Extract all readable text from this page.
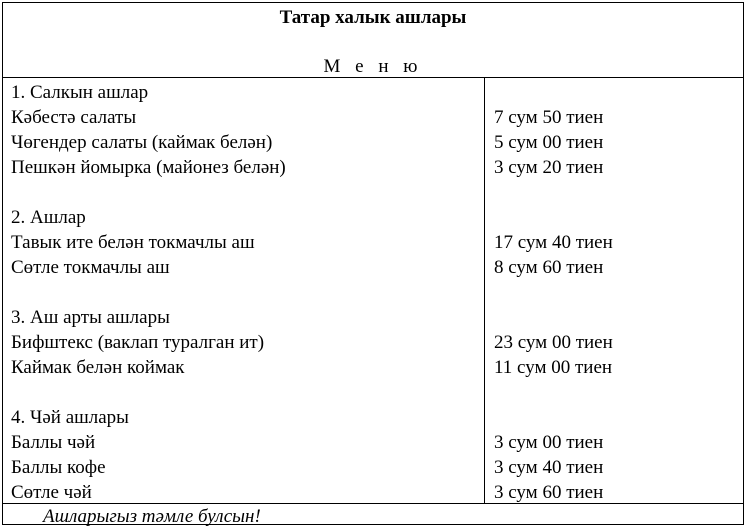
Татар халык ашлары
М е н ю
1. Салкын ашлар
Кәбестә салаты
Чөгендер салаты (каймак белән)
Пешкән йомырка (майонез белән)
2. Ашлар
Тавык ите белән токмачлы аш
Сөтле токмачлы аш
3. Аш арты ашлары
Бифштекс (ваклап туралган ит)
Каймак белән коймак
4. Чәй ашлары
Баллы чәй
Баллы кофе
Сөтле чәй
7 сум 50 тиен
5 сум 00 тиен
3 сум 20 тиен
17 сум 40 тиен
8 сум 60 тиен
23 сум 00 тиен
11 сум 00 тиен
3 сум 00 тиен
3 сум 40 тиен
3 сум 60 тиен
Ашларыгыз тәмле булсын!
